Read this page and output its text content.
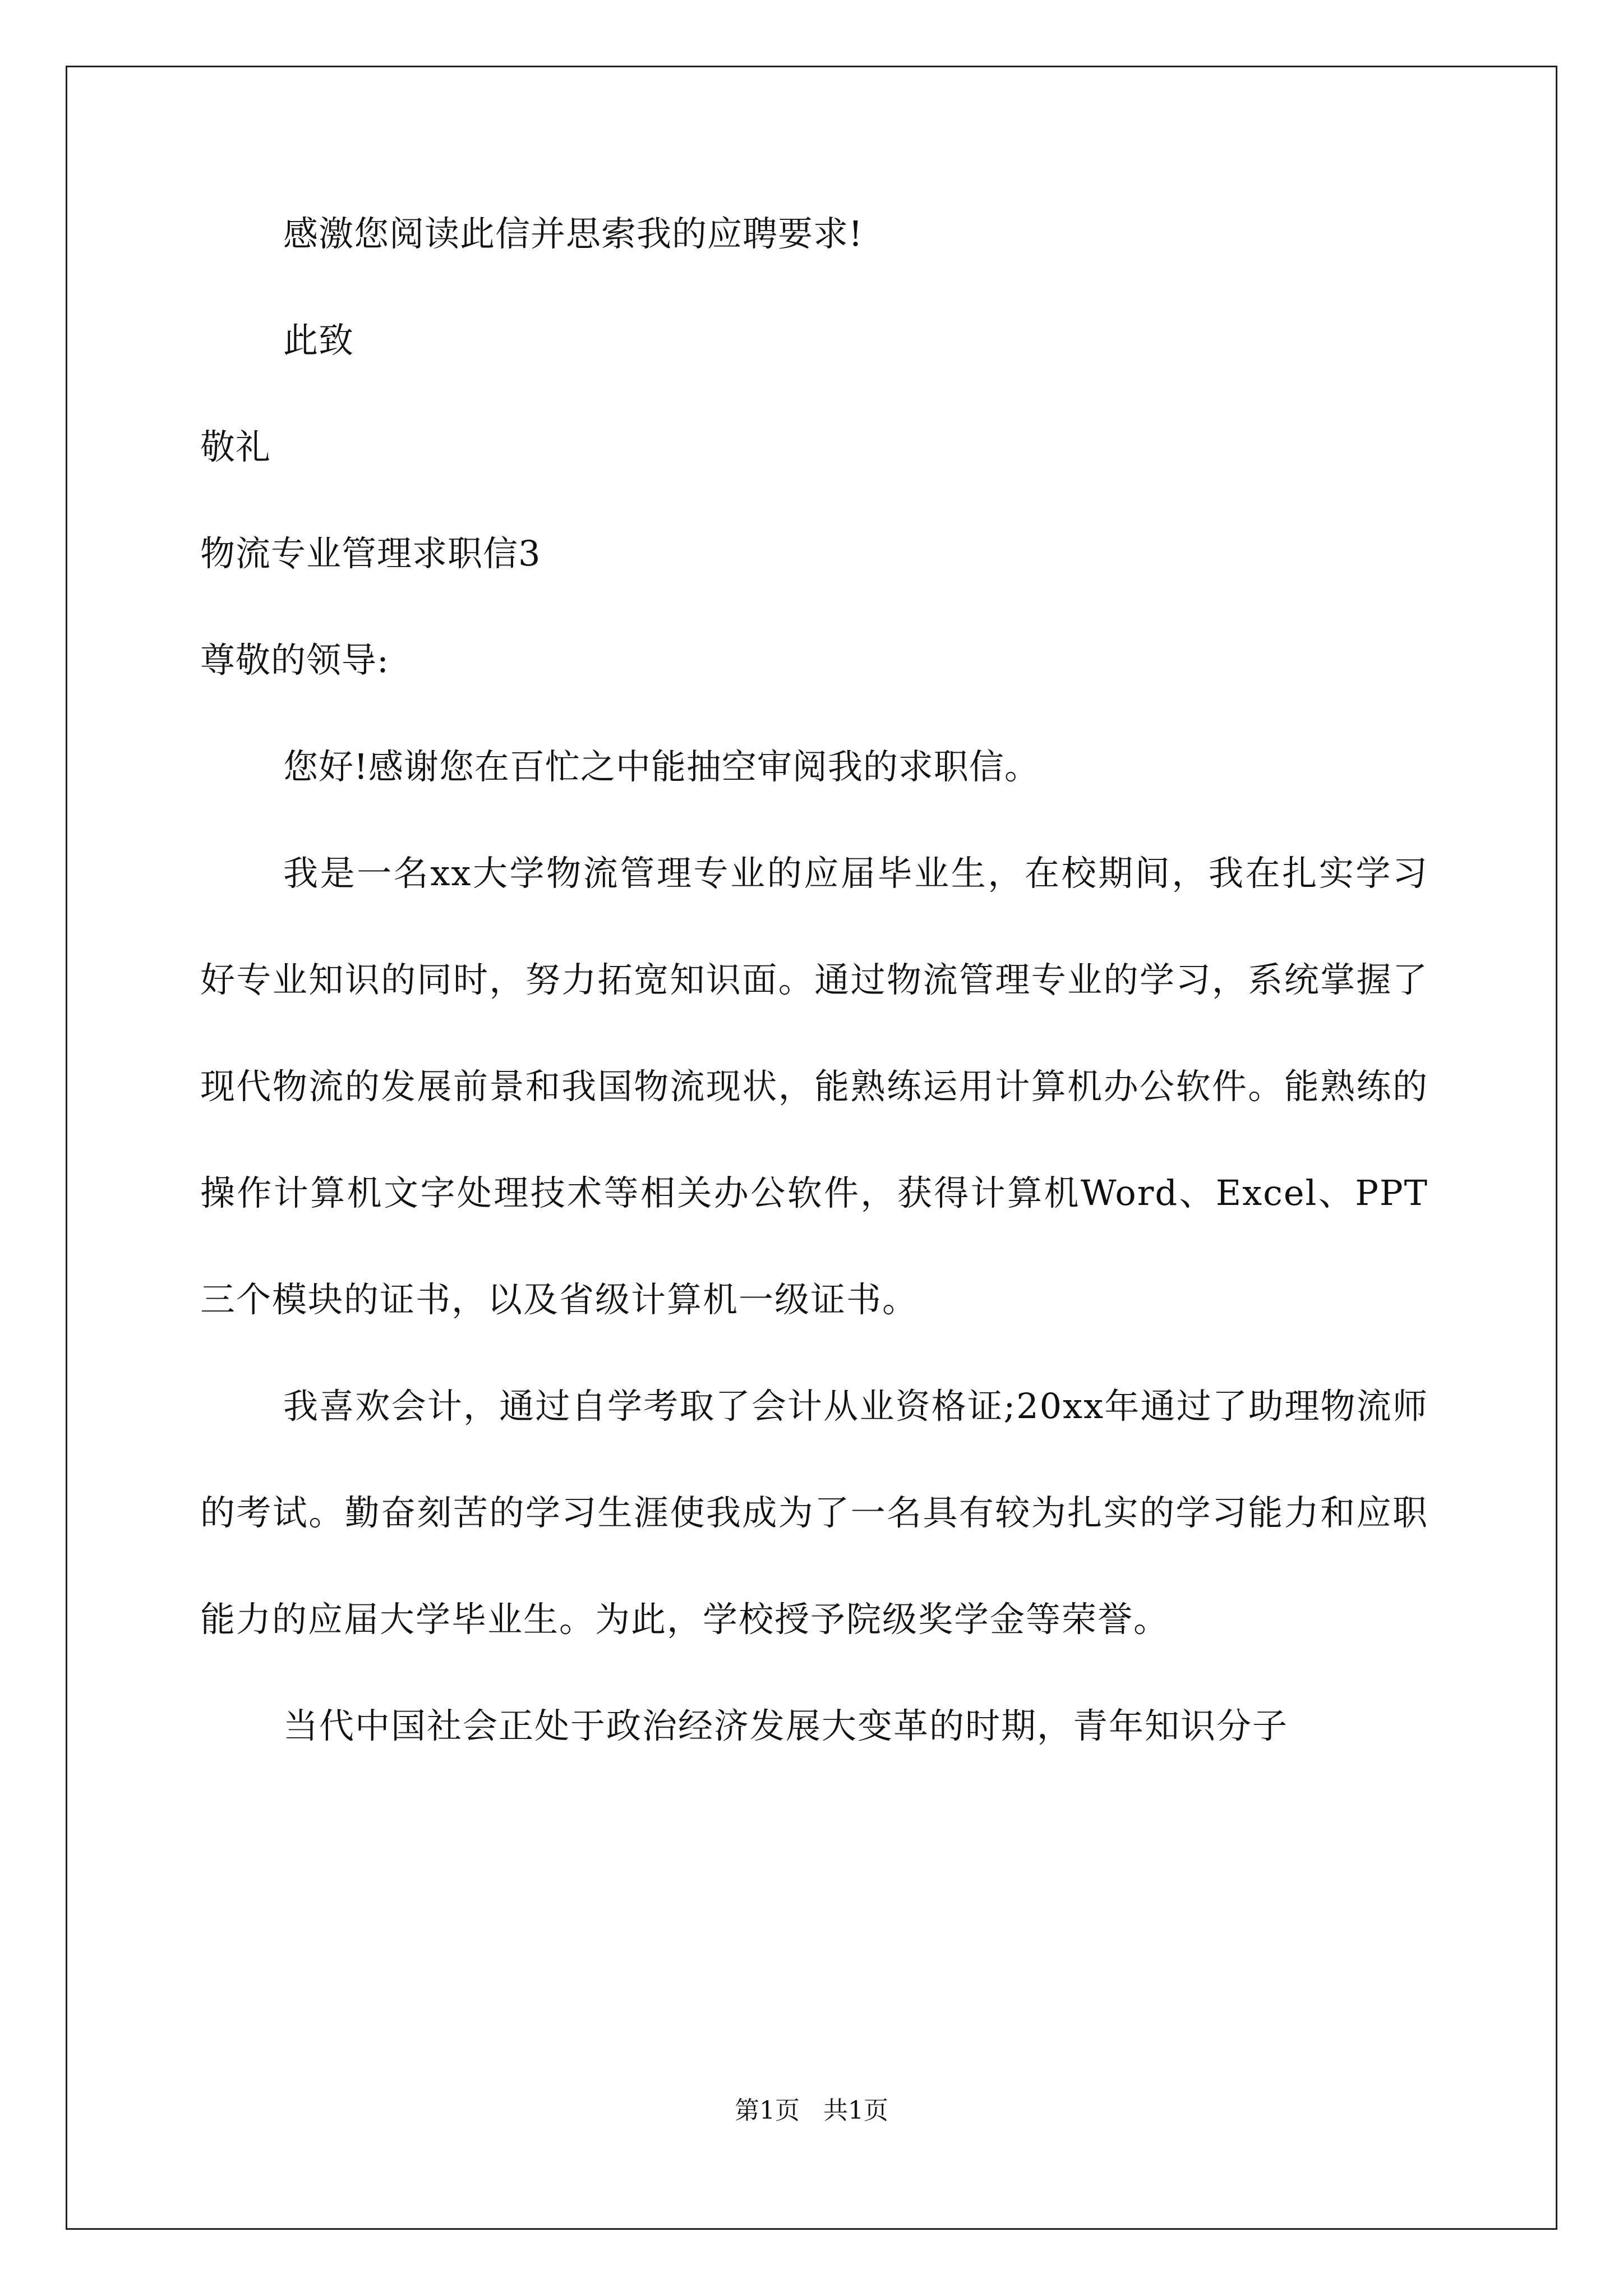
感激您阅读此信并思索我的应聘要求!
此致
敬礼
物流专业管理求职信3
尊敬的领导:
您好!感谢您在百忙之中能抽空审阅我的求职信。

我是一名xx大学物流管理专业的应届毕业生，在校期间，我在扎实学习好专业知识的同时，努力拓宽知识面。通过物流管理专业的学习，系统掌握了现代物流的发展前景和我国物流现状，能熟练运用计算机办公软件。能熟练的操作计算机文字处理技术等相关办公软件，获得计算机Word、Excel、PPT三个模块的证书，以及省级计算机一级证书。

我喜欢会计，通过自学考取了会计从业资格证;20xx年通过了助理物流师的考试。勤奋刻苦的学习生涯使我成为了一名具有较为扎实的学习能力和应职能力的应届大学毕业生。为此，学校授予院级奖学金等荣誉。

当代中国社会正处于政治经济发展大变革的时期，青年知识分子

第1页 共1页
